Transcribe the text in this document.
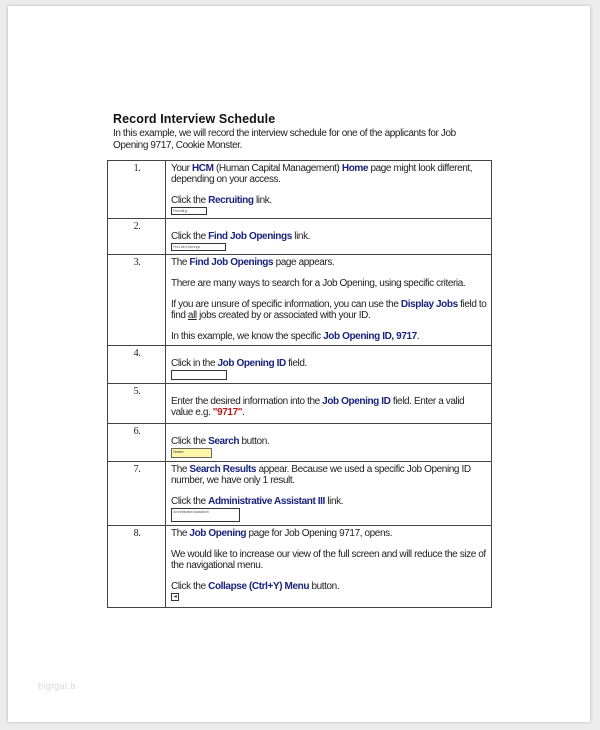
Record Interview Schedule
In this example, we will record the interview schedule for one of the applicants for Job Opening 9717, Cookie Monster.
1.	Your HCM (Human Capital Management) Home page might look different, depending on your access.

Click the Recruiting link.

Recruiting

2.	Click the Find Job Openings link.

Find Job Openings

3.	The Find Job Openings page appears.

There are many ways to search for a Job Opening, using specific criteria.

If you are unsure of specific information, you can use the Display Jobs field to find all jobs created by or associated with your ID.

In this example, we know the specific Job Opening ID, 9717.

4.	Click in the Job Opening ID field.

5.	Enter the desired information into the Job Opening ID field. Enter a valid value e.g. "9717".

6.	Click the Search button.

Search

7.	The Search Results appear. Because we used a specific Job Opening ID number, we have only 1 result.

Click the Administrative Assistant III link.

Administrative Assistant III

8.	The Job Opening page for Job Opening 9717, opens.

We would like to increase our view of the full screen and will reduce the size of the navigational menu.

Click the Collapse (Ctrl+Y) Menu button.

◂
bigigai.b
